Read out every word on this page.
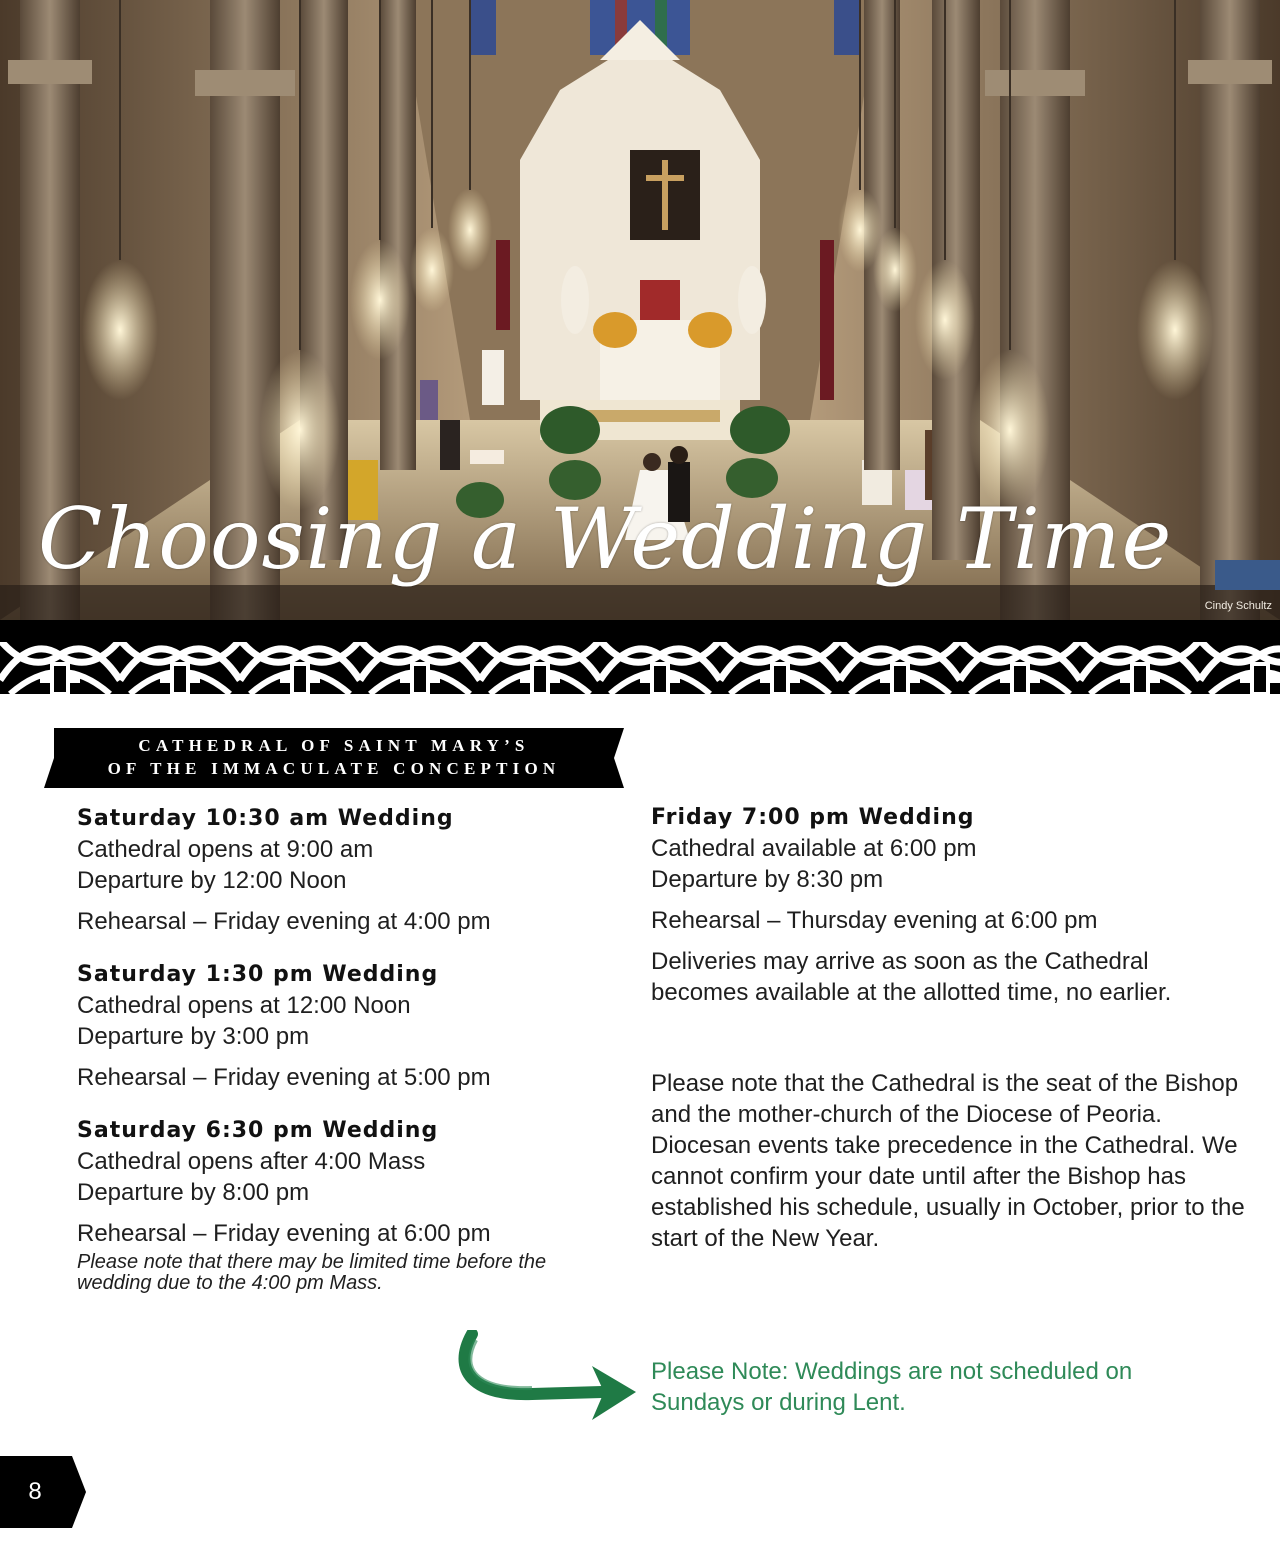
Choosing a Wedding Time
Cindy Schultz
CATHEDRAL OF SAINT MARY’S
OF THE IMMACULATE CONCEPTION
Saturday 10:30 am Wedding
Cathedral opens at 9:00 am
Departure by 12:00 Noon
Rehearsal – Friday evening at 4:00 pm
Saturday 1:30 pm Wedding
Cathedral opens at 12:00 Noon
Departure by 3:00 pm
Rehearsal – Friday evening at 5:00 pm
Saturday 6:30 pm Wedding
Cathedral opens after 4:00 Mass
Departure by 8:00 pm
Rehearsal – Friday evening at 6:00 pm
Please note that there may be limited time before the wedding due to the 4:00 pm Mass.
Friday 7:00 pm Wedding
Cathedral available at 6:00 pm
Departure by 8:30 pm
Rehearsal – Thursday evening at 6:00 pm
Deliveries may arrive as soon as the Cathedral becomes available at the allotted time, no earlier.
Please note that the Cathedral is the seat of the Bishop and the mother-church of the Diocese of Peoria. Diocesan events take precedence in the Cathedral. We cannot confirm your date until after the Bishop has established his schedule, usually in October, prior to the start of the New Year.
Please Note: Weddings are not scheduled on Sundays or during Lent.
8
